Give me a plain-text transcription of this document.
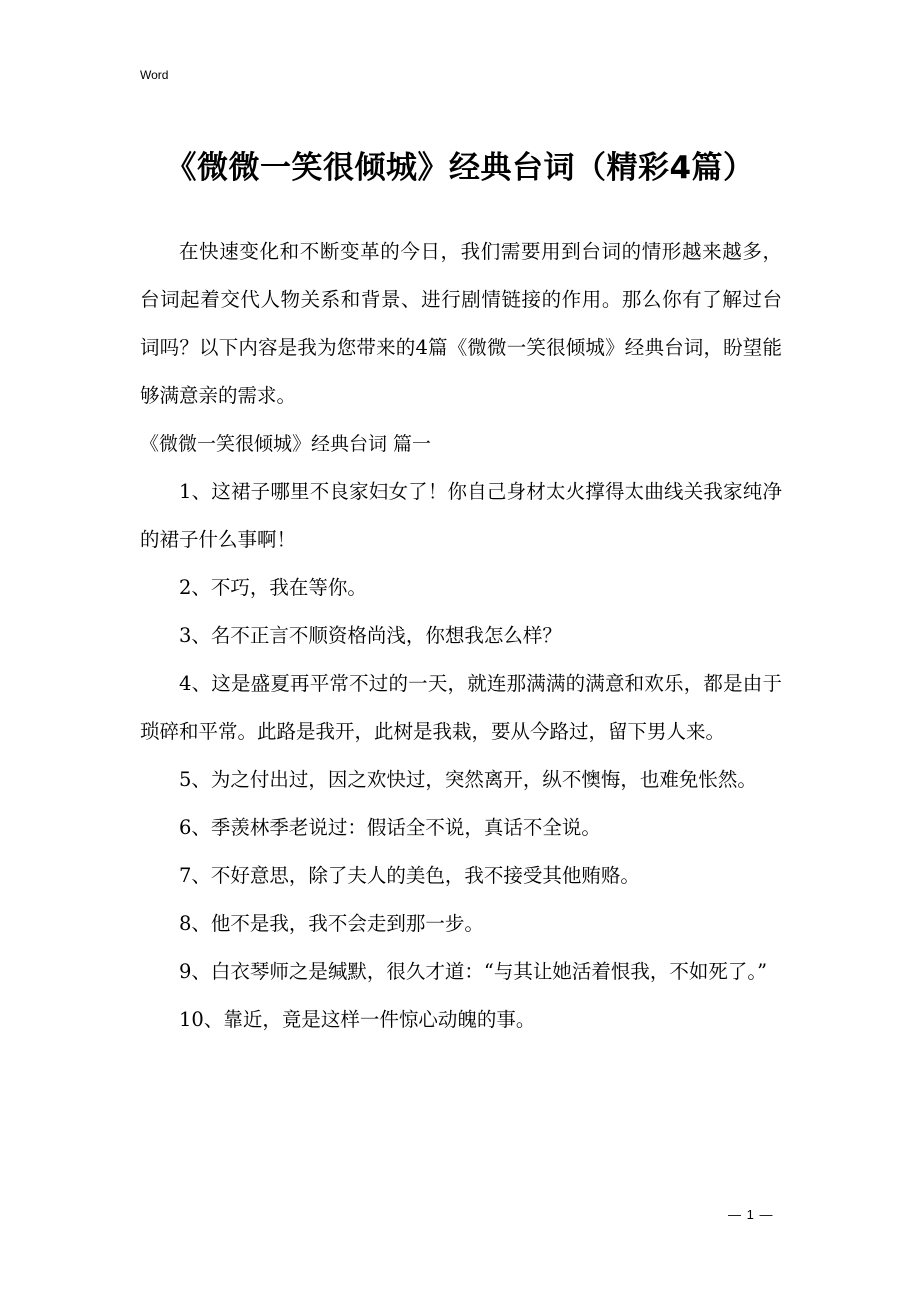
Word
《微微一笑很倾城》经典台词（精彩4篇）

在快速变化和不断变革的今日，我们需要用到台词的情形越来越多，台词起着交代人物关系和背景、进行剧情链接的作用。那么你有了解过台词吗？以下内容是我为您带来的4篇《微微一笑很倾城》经典台词，盼望能够满意亲的需求。

《微微一笑很倾城》经典台词 篇一

1、这裙子哪里不良家妇女了！你自己身材太火撑得太曲线关我家纯净的裙子什么事啊！

2、不巧，我在等你。

3、名不正言不顺资格尚浅，你想我怎么样？

4、这是盛夏再平常不过的一天，就连那满满的满意和欢乐，都是由于琐碎和平常。此路是我开，此树是我栽，要从今路过，留下男人来。

5、为之付出过，因之欢快过，突然离开，纵不懊悔，也难免怅然。

6、季羡林季老说过：假话全不说，真话不全说。

7、不好意思，除了夫人的美色，我不接受其他贿赂。

8、他不是我，我不会走到那一步。

9、白衣琴师之是缄默，很久才道：“与其让她活着恨我，不如死了。”

10、靠近，竟是这样一件惊心动魄的事。

— 1 —
